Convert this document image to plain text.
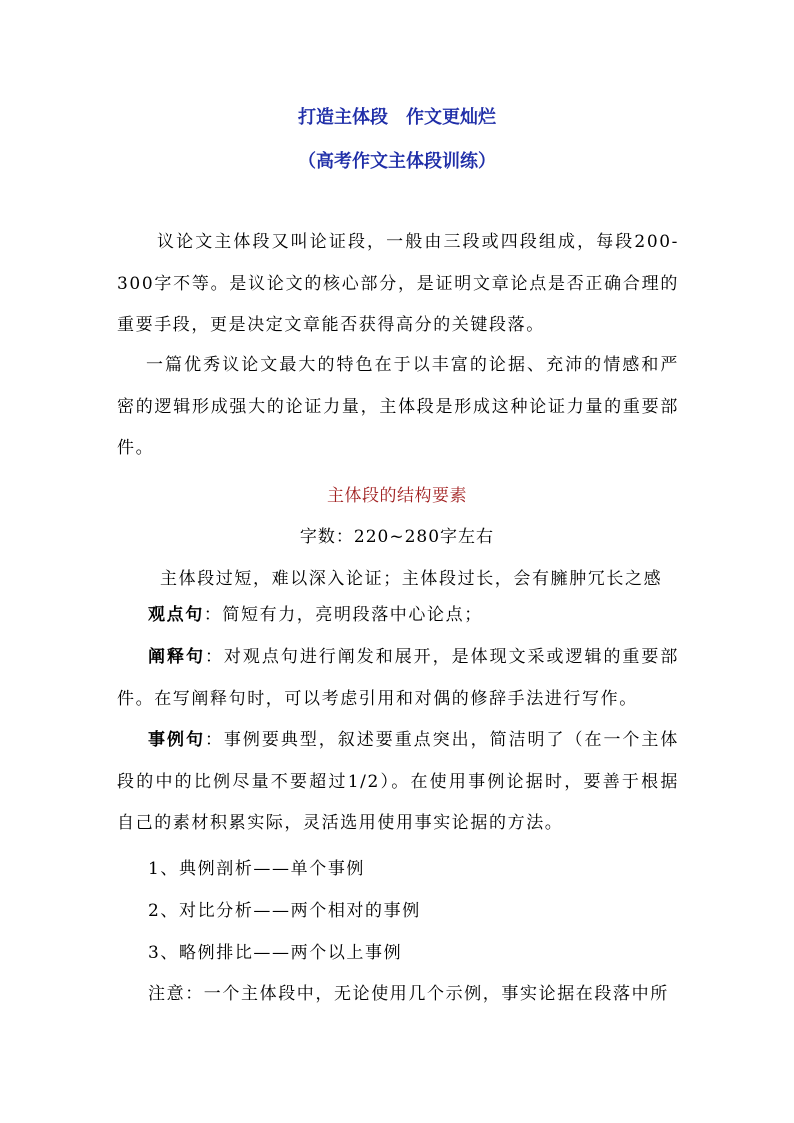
打造主体段　作文更灿烂
（高考作文主体段训练）
议论文主体段又叫论证段，一般由三段或四段组成，每段200-300字不等。是议论文的核心部分，是证明文章论点是否正确合理的重要手段，更是决定文章能否获得高分的关键段落。
一篇优秀议论文最大的特色在于以丰富的论据、充沛的情感和严密的逻辑形成强大的论证力量，主体段是形成这种论证力量的重要部件。
主体段的结构要素
字数：220~280字左右
主体段过短，难以深入论证；主体段过长，会有臃肿冗长之感
观点句：简短有力，亮明段落中心论点；
阐释句：对观点句进行阐发和展开，是体现文采或逻辑的重要部件。在写阐释句时，可以考虑引用和对偶的修辞手法进行写作。
事例句：事例要典型，叙述要重点突出，简洁明了（在一个主体段的中的比例尽量不要超过1/2）。在使用事例论据时，要善于根据自己的素材积累实际，灵活选用使用事实论据的方法。
1、典例剖析——单个事例
2、对比分析——两个相对的事例
3、略例排比——两个以上事例
注意：一个主体段中，无论使用几个示例，事实论据在段落中所
